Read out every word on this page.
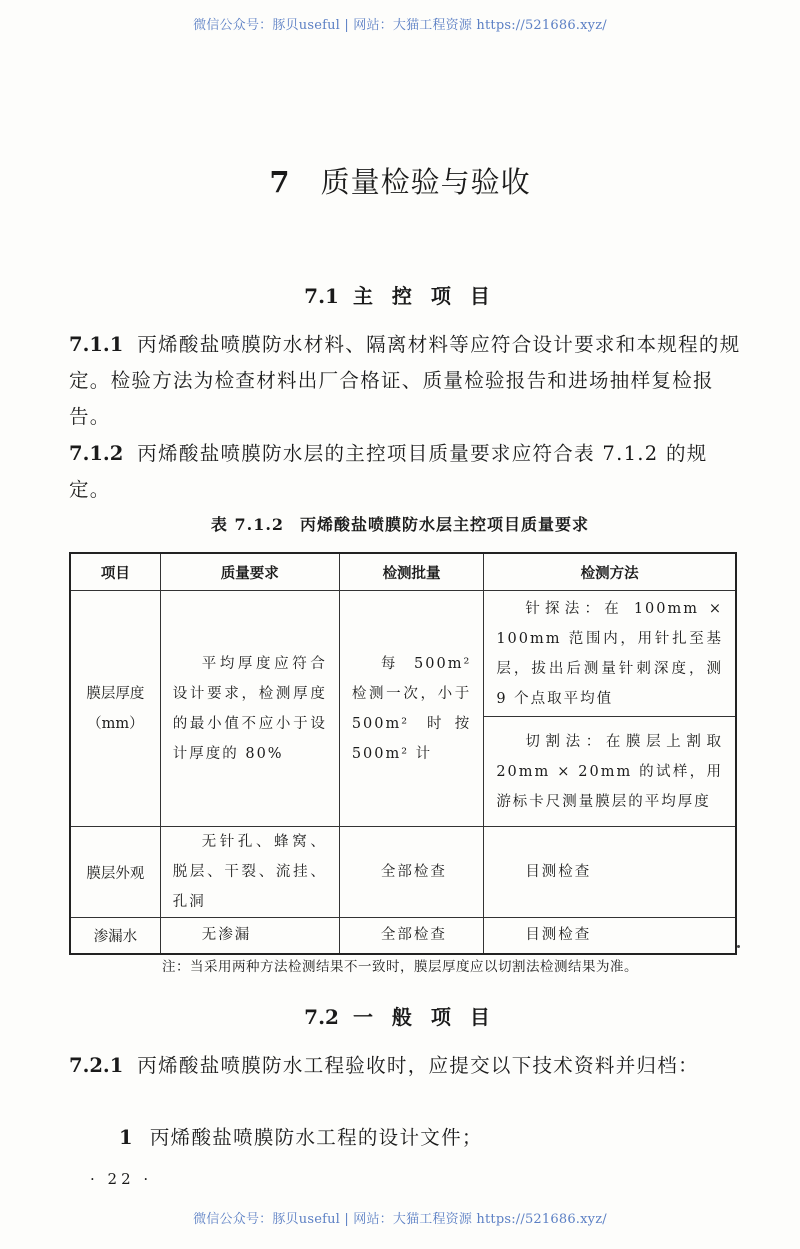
微信公众号：豚贝useful | 网站：大猫工程资源 https://521686.xyz/
7 质量检验与验收
7.1 主 控 项 目
7.1.1 丙烯酸盐喷膜防水材料、隔离材料等应符合设计要求和本规程的规定。检验方法为检查材料出厂合格证、质量检验报告和进场抽样复检报告。
7.1.2 丙烯酸盐喷膜防水层的主控项目质量要求应符合表 7.1.2 的规定。
表 7.1.2 丙烯酸盐喷膜防水层主控项目质量要求
项目	质量要求	检测批量	检测方法

膜层厚度
（mm）	平均厚度应符合设计要求，检测厚度的最小值不应小于设计厚度的 80%	每 500m² 检测一次，小于 500m² 时按 500m² 计	针探法：在 100mm × 100mm 范围内，用针扎至基层，拔出后测量针刺深度，测 9 个点取平均值

			切割法：在膜层上割取 20mm × 20mm 的试样，用游标卡尺测量膜层的平均厚度

膜层外观	无针孔、蜂窝、脱层、干裂、流挂、孔洞	全部检查	目测检查

渗漏水	无渗漏	全部检查	目测检查
注：当采用两种方法检测结果不一致时，膜层厚度应以切割法检测结果为准。
7.2 一 般 项 目
7.2.1 丙烯酸盐喷膜防水工程验收时，应提交以下技术资料并归档：
1 丙烯酸盐喷膜防水工程的设计文件；
· 22 ·
微信公众号：豚贝useful | 网站：大猫工程资源 https://521686.xyz/
